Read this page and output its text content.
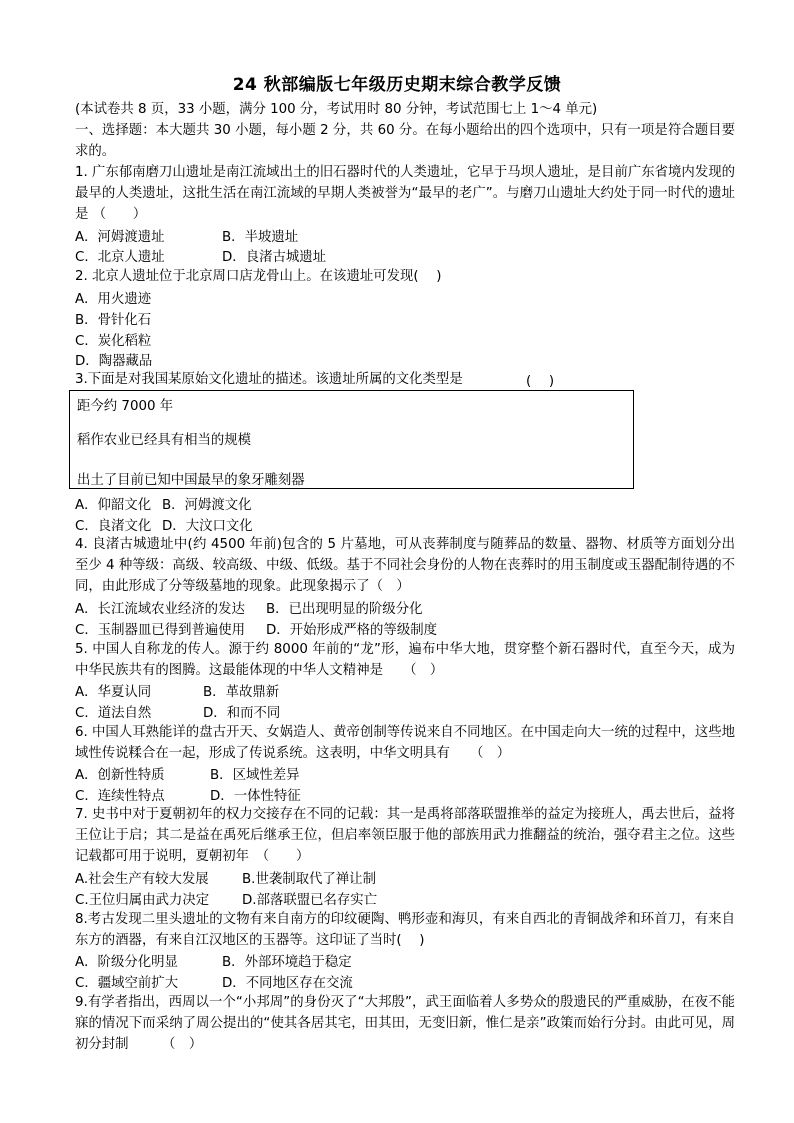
24 秋部编版七年级历史期末综合教学反馈
(本试卷共 8 页，33 小题，满分 100 分，考试用时 80 分钟，考试范围七上 1～4 单元)
一、选择题：本大题共 30 小题，每小题 2 分，共 60 分。在每小题给出的四个选项中，只有一项是符合题目要求的。
1. 广东郁南磨刀山遗址是南江流域出土的旧石器时代的人类遗址，它早于马坝人遗址，是目前广东省境内发现的最早的人类遗址，这批生活在南江流域的早期人类被誉为“最早的老广”。与磨刀山遗址大约处于同一时代的遗址是 （　　）
A．河姆渡遗址	B．半坡遗址
C．北京人遗址	D．良渚古城遗址
2. 北京人遗址位于北京周口店龙骨山上。在该遗址可发现(　 )
A．用火遗迹
B．骨针化石
C．炭化稻粒
D．陶器藏品
3.下面是对我国某原始文化遗址的描述。该遗址所属的文化类型是	(　 )
距今约 7000 年
稻作农业已经具有相当的规模
出土了目前已知中国最早的象牙雕刻器
A．仰韶文化 B．河姆渡文化
C．良渚文化 D．大汶口文化
4. 良渚古城遗址中(约 4500 年前)包含的 5 片墓地，可从丧葬制度与随葬品的数量、器物、材质等方面划分出至少 4 种等级：高级、较高级、中级、低级。基于不同社会身份的人物在丧葬时的用玉制度或玉器配制待遇的不同，由此形成了分等级墓地的现象。此现象揭示了（　）
A．长江流域农业经济的发达 B．已出现明显的阶级分化
C．玉制器皿已得到普遍使用 D．开始形成严格的等级制度
5. 中国人自称龙的传人。源于约 8000 年前的“龙”形，遍布中华大地，贯穿整个新石器时代，直至今天，成为中华民族共有的图腾。这最能体现的中华人文精神是　　（　）
A．华夏认同	B．革故鼎新
C．道法自然	D．和而不同
6. 中国人耳熟能详的盘古开天、女娲造人、黄帝创制等传说来自不同地区。在中国走向大一统的过程中，这些地域性传说糅合在一起，形成了传说系统。这表明，中华文明具有　　（　）
A．创新性特质	B．区域性差异
C．连续性特点	D．一体性特征
7. 史书中对于夏朝初年的权力交接存在不同的记载：其一是禹将部落联盟推举的益定为接班人，禹去世后，益将王位让于启；其二是益在禹死后继承王位，但启率领臣服于他的部族用武力推翻益的统治，强夺君主之位。这些记载都可用于说明，夏朝初年　（　　）
A.社会生产有较大发展 B.世袭制取代了禅让制
C.王位归属由武力决定 D.部落联盟已名存实亡
8.考古发现二里头遗址的文物有来自南方的印纹硬陶、鸭形壶和海贝，有来自西北的青铜战斧和环首刀，有来自东方的酒器，有来自江汉地区的玉器等。这印证了当时(　 )
A．阶级分化明显	B．外部环境趋于稳定
C．疆域空前扩大	D．不同地区存在交流
9.有学者指出，西周以一个“小邦周”的身份灭了“大邦殷”，武王面临着人多势众的殷遗民的严重威胁，在夜不能寐的情况下而采纳了周公提出的“使其各居其宅，田其田，无变旧新，惟仁是亲”政策而始行分封。由此可见，周初分封制　　　（　）
